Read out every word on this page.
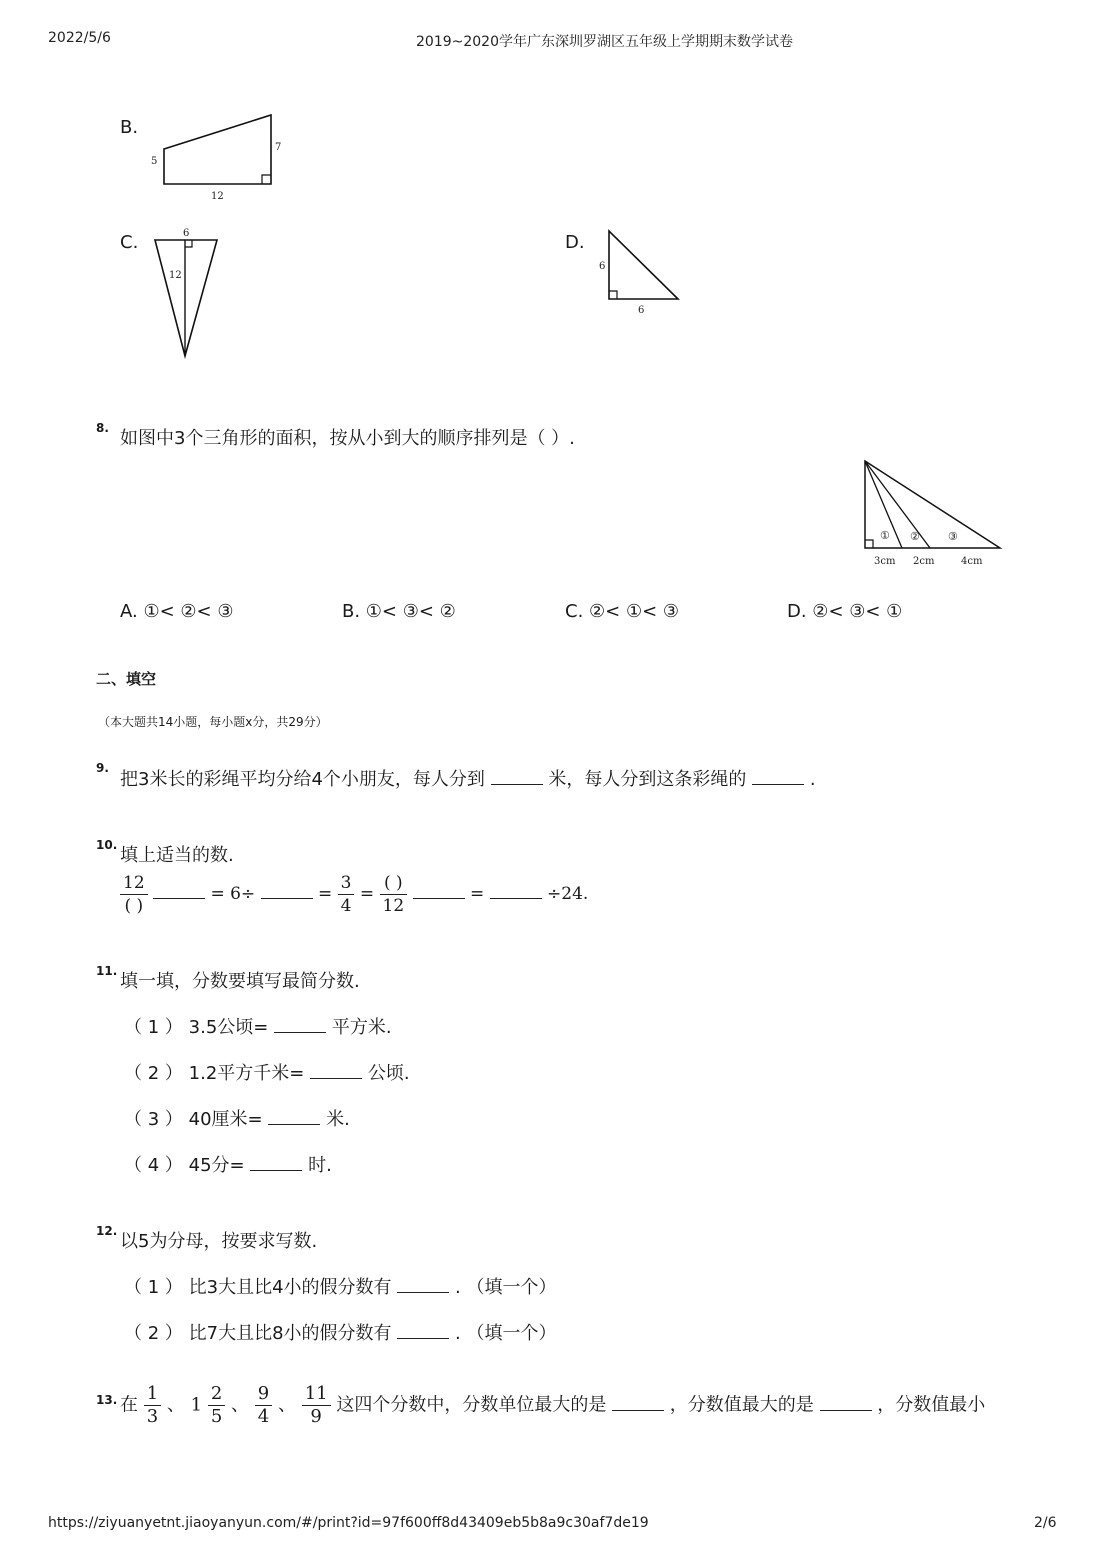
2022/5/6	2019~2020学年广东深圳罗湖区五年级上学期期末数学试卷
B.
5
7
12
C.	6
12
D.
6
6
8. 如图中3个三角形的面积，按从小到大的顺序排列是（ ）.
① ②	③
3cm 2cm	4cm
A. ①< ②< ③	B. ①< ③< ②	C. ②< ①< ③	D. ②< ③< ①
二、填空
（本大题共14小题，每小题x分，共29分）
9.
把3米长的彩绳平均分给4个小朋友，每人分到	米，每人分到这条彩绳的	.
10. 填上适当的数.
$\frac{12}{( )}$	= 6÷	= $\frac{3}{4} = \frac{( )}{12}$	=	÷24.
11. 填一填，分数要填写最简分数.
（ 1 ） 3.5公顷=	平方米.
（ 2 ） 1.2平方千米=	公顷.
（ 3 ） 40厘米=	米.
（ 4 ） 45分=	时.
12. 以5为分母，按要求写数.
（ 1 ） 比3大且比4小的假分数有	. （填一个）
（ 2 ） 比7大且比8小的假分数有	. （填一个）
13. 在 $\frac{1}{3}$ 、 $1 \frac{2}{5}$ 、 $\frac{9}{4}$ 、 $\frac{11}{9}$ 这四个分数中，分数单位最大的是	，分数值最大的是	，分数值最小
https://ziyuanyetnt.jiaoyanyun.com/#/print?id=97f600ff8d43409eb5b8a9c30af7de19	2/6
